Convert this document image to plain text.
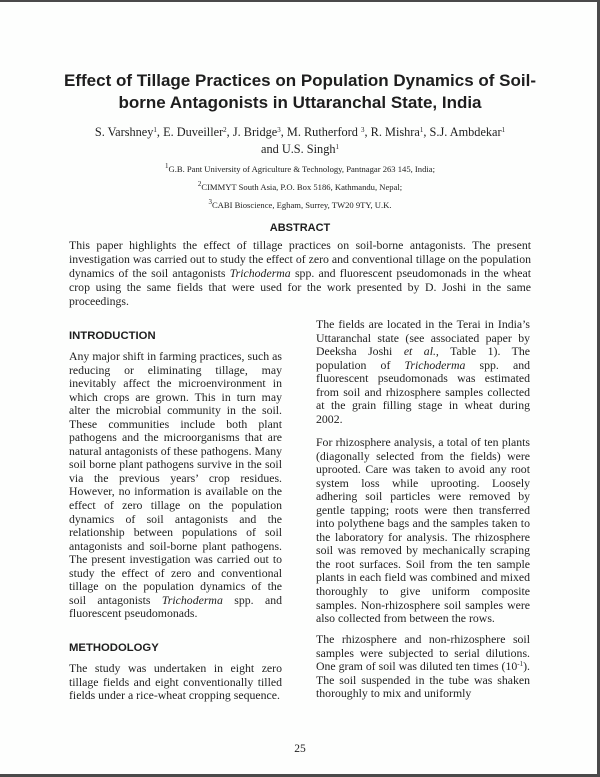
Effect of Tillage Practices on Population Dynamics of Soil-
borne Antagonists in Uttaranchal State, India
S. Varshney$^1$, E. Duveiller$^2$, J. Bridge$^3$, M. Rutherford $^3$, R. Mishra$^1$, S.J. Ambdekar$^1$
and U.S. Singh$^1$
$^1$G.B. Pant University of Agriculture & Technology, Pantnagar 263 145, India;
$^2$CIMMYT South Asia, P.O. Box 5186, Kathmandu, Nepal;
$^3$CABI Bioscience, Egham, Surrey, TW20 9TY, U.K.
ABSTRACT

This paper highlights the effect of tillage practices on soil-borne antagonists. The present investigation was carried out to study the effect of zero and conventional tillage on the population dynamics of the soil antagonists Trichoderma spp. and fluorescent pseudomonads in the wheat crop using the same fields that were used for the work presented by D. Joshi in the same proceedings.

INTRODUCTION

Any major shift in farming practices, such as reducing or eliminating tillage, may inevitably affect the microenvironment in which crops are grown. This in turn may alter the microbial community in the soil. These communities include both plant pathogens and the microorganisms that are natural antagonists of these pathogens. Many soil borne plant pathogens survive in the soil via the previous years’ crop residues. However, no information is available on the effect of zero tillage on the population dynamics of soil antagonists and the relationship between populations of soil antagonists and soil-borne plant pathogens. The present investigation was carried out to study the effect of zero and conventional tillage on the population dynamics of the soil antagonists Trichoderma spp. and fluorescent pseudomonads.

METHODOLOGY

The study was undertaken in eight zero tillage fields and eight conventionally tilled fields under a rice-wheat cropping sequence.

The fields are located in the Terai in India’s Uttaranchal state (see associated paper by Deeksha Joshi et al., Table 1). The population of Trichoderma spp. and fluorescent pseudomonads was estimated from soil and rhizosphere samples collected at the grain filling stage in wheat during 2002.

For rhizosphere analysis, a total of ten plants (diagonally selected from the fields) were uprooted. Care was taken to avoid any root system loss while uprooting. Loosely adhering soil particles were removed by gentle tapping; roots were then transferred into polythene bags and the samples taken to the laboratory for analysis. The rhizosphere soil was removed by mechanically scraping the root surfaces. Soil from the ten sample plants in each field was combined and mixed thoroughly to give uniform composite samples. Non-rhizosphere soil samples were also collected from between the rows.

The rhizosphere and non-rhizosphere soil samples were subjected to serial dilutions. One gram of soil was diluted ten times $(10^{-1})$. The soil suspended in the tube was shaken thoroughly to mix and uniformly

25
